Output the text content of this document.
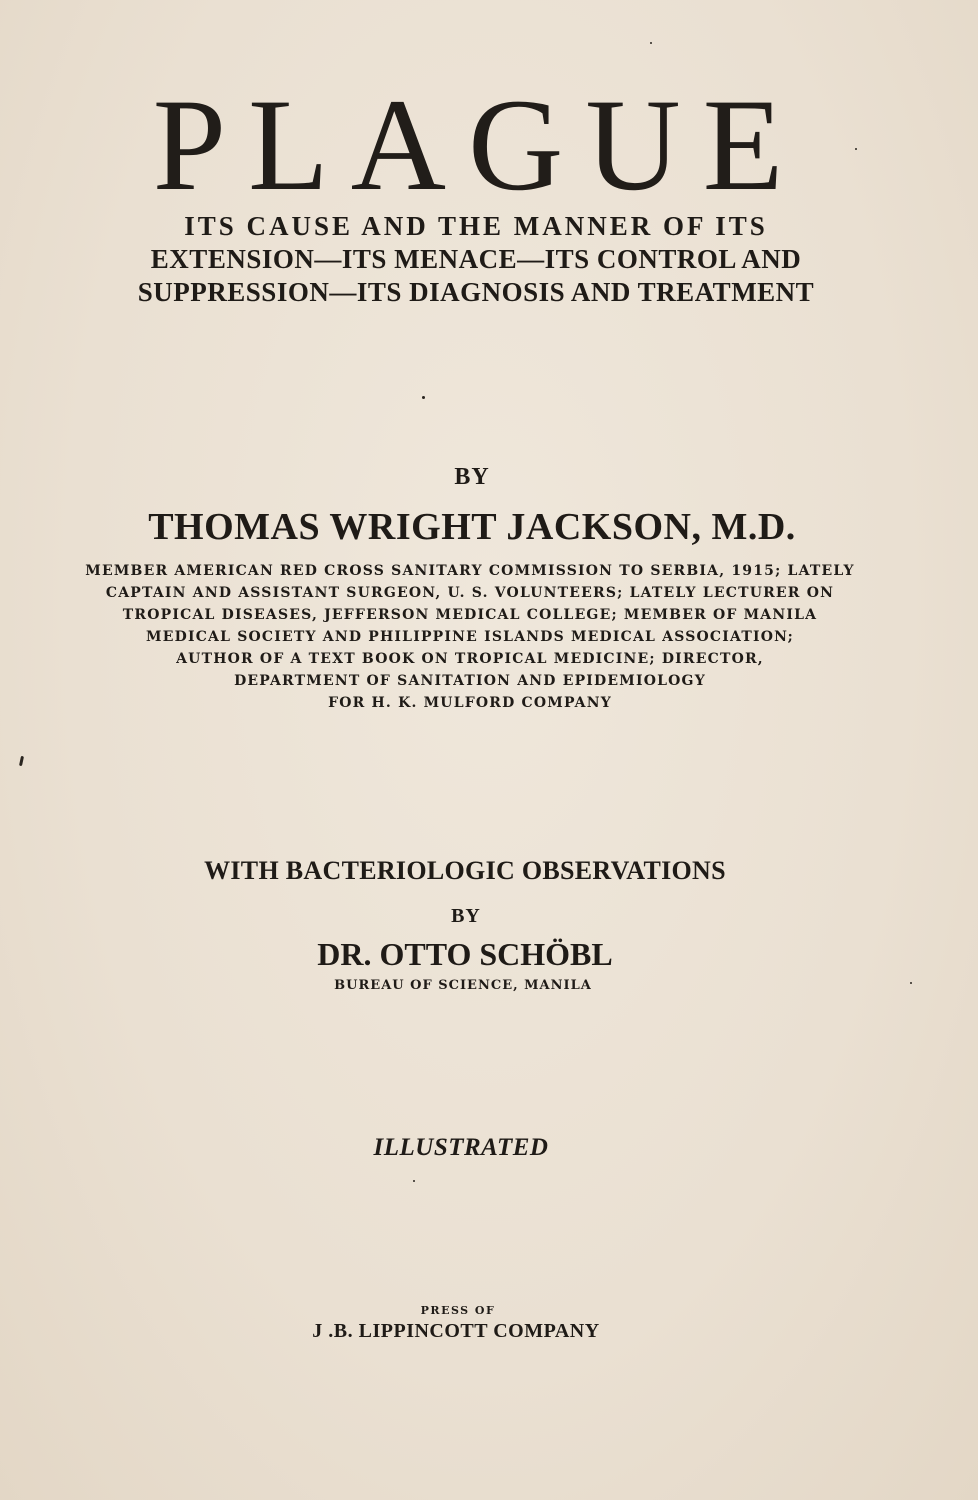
PLAGUE
ITS CAUSE AND THE MANNER OF ITS
EXTENSION—ITS MENACE—ITS CONTROL AND
SUPPRESSION—ITS DIAGNOSIS AND TREATMENT
BY
THOMAS WRIGHT JACKSON, M.D.
MEMBER AMERICAN RED CROSS SANITARY COMMISSION TO SERBIA, 1915; LATELY
CAPTAIN AND ASSISTANT SURGEON, U. S. VOLUNTEERS; LATELY LECTURER ON
TROPICAL DISEASES, JEFFERSON MEDICAL COLLEGE; MEMBER OF MANILA
MEDICAL SOCIETY AND PHILIPPINE ISLANDS MEDICAL ASSOCIATION;
AUTHOR OF A TEXT BOOK ON TROPICAL MEDICINE; DIRECTOR,
DEPARTMENT OF SANITATION AND EPIDEMIOLOGY
FOR H. K. MULFORD COMPANY
WITH BACTERIOLOGIC OBSERVATIONS
BY
DR. OTTO SCHÖBL
BUREAU OF SCIENCE, MANILA
ILLUSTRATED
PRESS OF
J .B. LIPPINCOTT COMPANY
